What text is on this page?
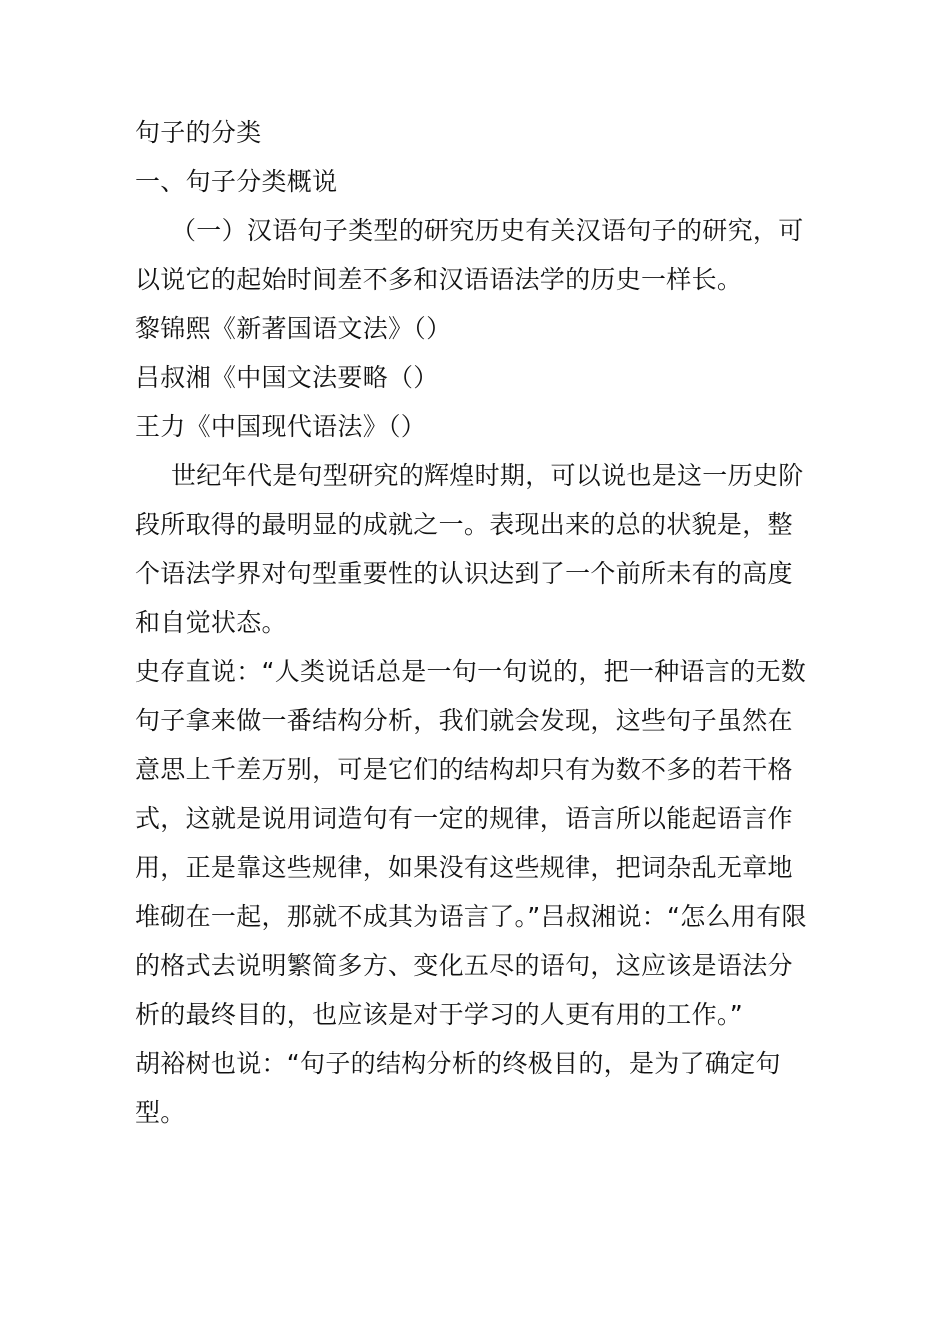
句子的分类

一、句子分类概说

（一）汉语句子类型的研究历史有关汉语句子的研究，可以说它的起始时间差不多和汉语语法学的历史一样长。

黎锦熙《新著国语文法》（）

吕叔湘《中国文法要略（）

王力《中国现代语法》（）

世纪年代是句型研究的辉煌时期，可以说也是这一历史阶段所取得的最明显的成就之一。表现出来的总的状貌是，整个语法学界对句型重要性的认识达到了一个前所未有的高度和自觉状态。

史存直说：“人类说话总是一句一句说的，把一种语言的无数句子拿来做一番结构分析，我们就会发现，这些句子虽然在意思上千差万别，可是它们的结构却只有为数不多的若干格式，这就是说用词造句有一定的规律，语言所以能起语言作用，正是靠这些规律，如果没有这些规律，把词杂乱无章地堆砌在一起，那就不成其为语言了。”吕叔湘说：“怎么用有限的格式去说明繁简多方、变化五尽的语句，这应该是语法分析的最终目的，也应该是对于学习的人更有用的工作。”

胡裕树也说：“句子的结构分析的终极目的，是为了确定句型。
